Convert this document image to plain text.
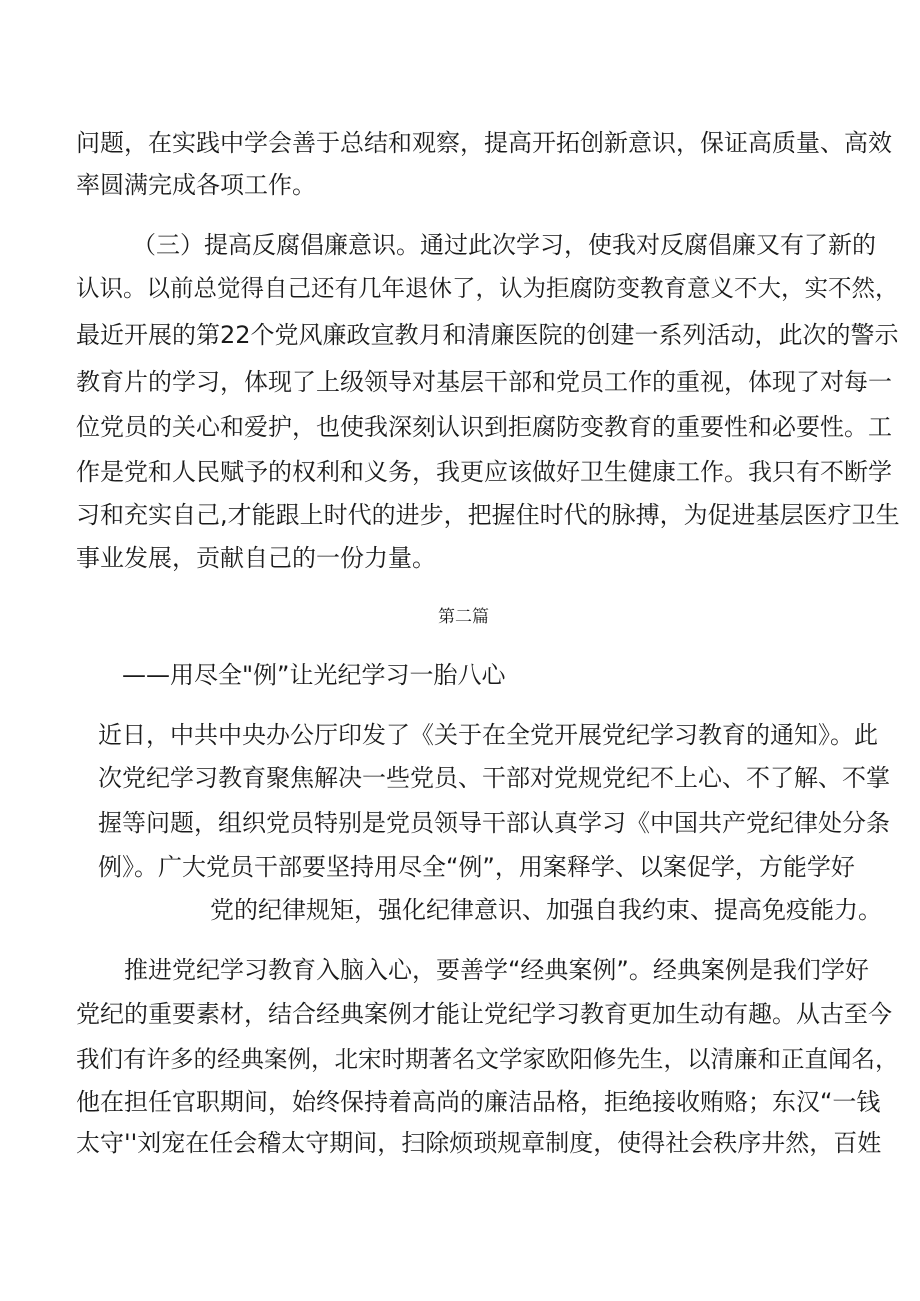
问题，在实践中学会善于总结和观察，提高开拓创新意识，保证高质量、高效
率圆满完成各项工作。
（三）提高反腐倡廉意识。通过此次学习，使我对反腐倡廉又有了新的
认识。以前总觉得自己还有几年退休了，认为拒腐防变教育意义不大，实不然，
最近开展的第22个党风廉政宣教月和清廉医院的创建一系列活动，此次的警示
教育片的学习，体现了上级领导对基层干部和党员工作的重视，体现了对每一
位党员的关心和爱护，也使我深刻认识到拒腐防变教育的重要性和必要性。工
作是党和人民赋予的权利和义务，我更应该做好卫生健康工作。我只有不断学
习和充实自己,才能跟上时代的进步，把握住时代的脉搏，为促进基层医疗卫生
事业发展，贡献自己的一份力量。
第二篇
——用尽全"例”让光纪学习一胎八心
近日，中共中央办公厅印发了《关于在全党开展党纪学习教育的通知》。此
次党纪学习教育聚焦解决一些党员、干部对党规党纪不上心、不了解、不掌
握等问题，组织党员特别是党员领导干部认真学习《中国共产党纪律处分条
例》。广大党员干部要坚持用尽全“例”，用案释学、以案促学，方能学好
党的纪律规矩，强化纪律意识、加强自我约束、提高免疫能力。
推进党纪学习教育入脑入心，要善学“经典案例”。经典案例是我们学好
党纪的重要素材，结合经典案例才能让党纪学习教育更加生动有趣。从古至今
我们有许多的经典案例，北宋时期著名文学家欧阳修先生，以清廉和正直闻名，
他在担任官职期间，始终保持着高尚的廉洁品格，拒绝接收贿赂；东汉“一钱
太守''刘宠在任会稽太守期间，扫除烦琐规章制度，使得社会秩序井然，百姓
